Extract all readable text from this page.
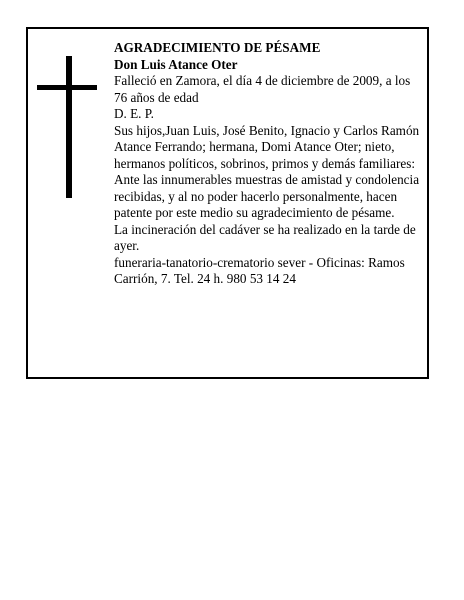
AGRADECIMIENTO DE PÉSAME

Don Luis Atance Oter

Falleció en Zamora, el día 4 de diciembre de 2009, a los 76 años de edad

D. E. P.

Sus hijos,Juan Luis, José Benito, Ignacio y Carlos Ramón Atance Ferrando; hermana, Domi Atance Oter; nieto, hermanos políticos, sobrinos, primos y demás familiares:

Ante las innumerables muestras de amistad y condolencia recibidas, y al no poder hacerlo personalmente, hacen patente por este medio su agradecimiento de pésame.

La incineración del cadáver se ha realizado en la tarde de ayer.

funeraria-tanatorio-crematorio sever - Oficinas: Ramos Carrión, 7. Tel. 24 h. 980 53 14 24
